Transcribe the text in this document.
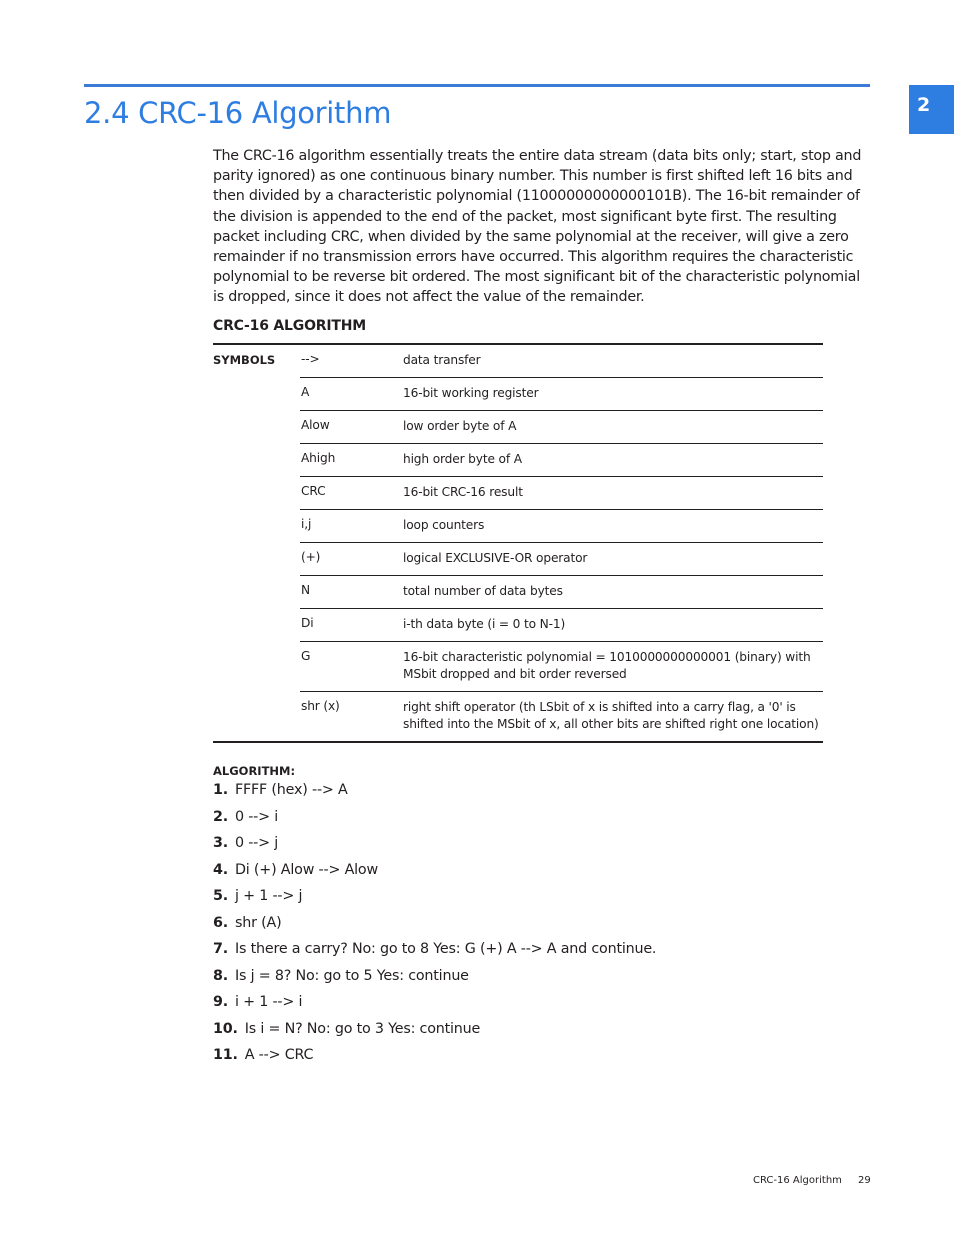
2
2.4 CRC-16 Algorithm

The CRC-16 algorithm essentially treats the entire data stream (data bits only; start, stop and parity ignored) as one continuous binary number. This number is first shifted left 16 bits and then divided by a characteristic polynomial (11000000000000101B). The 16-bit remainder of the division is appended to the end of the packet, most significant byte first. The resulting packet including CRC, when divided by the same polynomial at the receiver, will give a zero remainder if no transmission errors have occurred. This algorithm requires the characteristic polynomial to be reverse bit ordered. The most significant bit of the characteristic polynomial is dropped, since it does not affect the value of the remainder.

CRC-16 ALGORITHM
SYMBOLS -->	data transfer
A	16-bit working register
Alow	low order byte of A
Ahigh	high order byte of A
CRC	16-bit CRC-16 result
i,j	loop counters
(+)	logical EXCLUSIVE-OR operator
N	total number of data bytes
Di	i-th data byte (i = 0 to N-1)
G	16-bit characteristic polynomial = 1010000000000001 (binary) with MSbit dropped and bit order reversed
shr (x)	right shift operator (th LSbit of x is shifted into a carry flag, a '0' is shifted into the MSbit of x, all other bits are shifted right one location)
ALGORITHM:
1. FFFF (hex) --> A
2. 0 --> i
3. 0 --> j
4. Di (+) Alow --> Alow
5. j + 1 --> j
6. shr (A)
7. Is there a carry? No: go to 8 Yes: G (+) A --> A and continue.
8. Is j = 8? No: go to 5 Yes: continue
9. i + 1 --> i
10. Is i = N? No: go to 3 Yes: continue
11. A --> CRC
CRC-16 Algorithm 29
